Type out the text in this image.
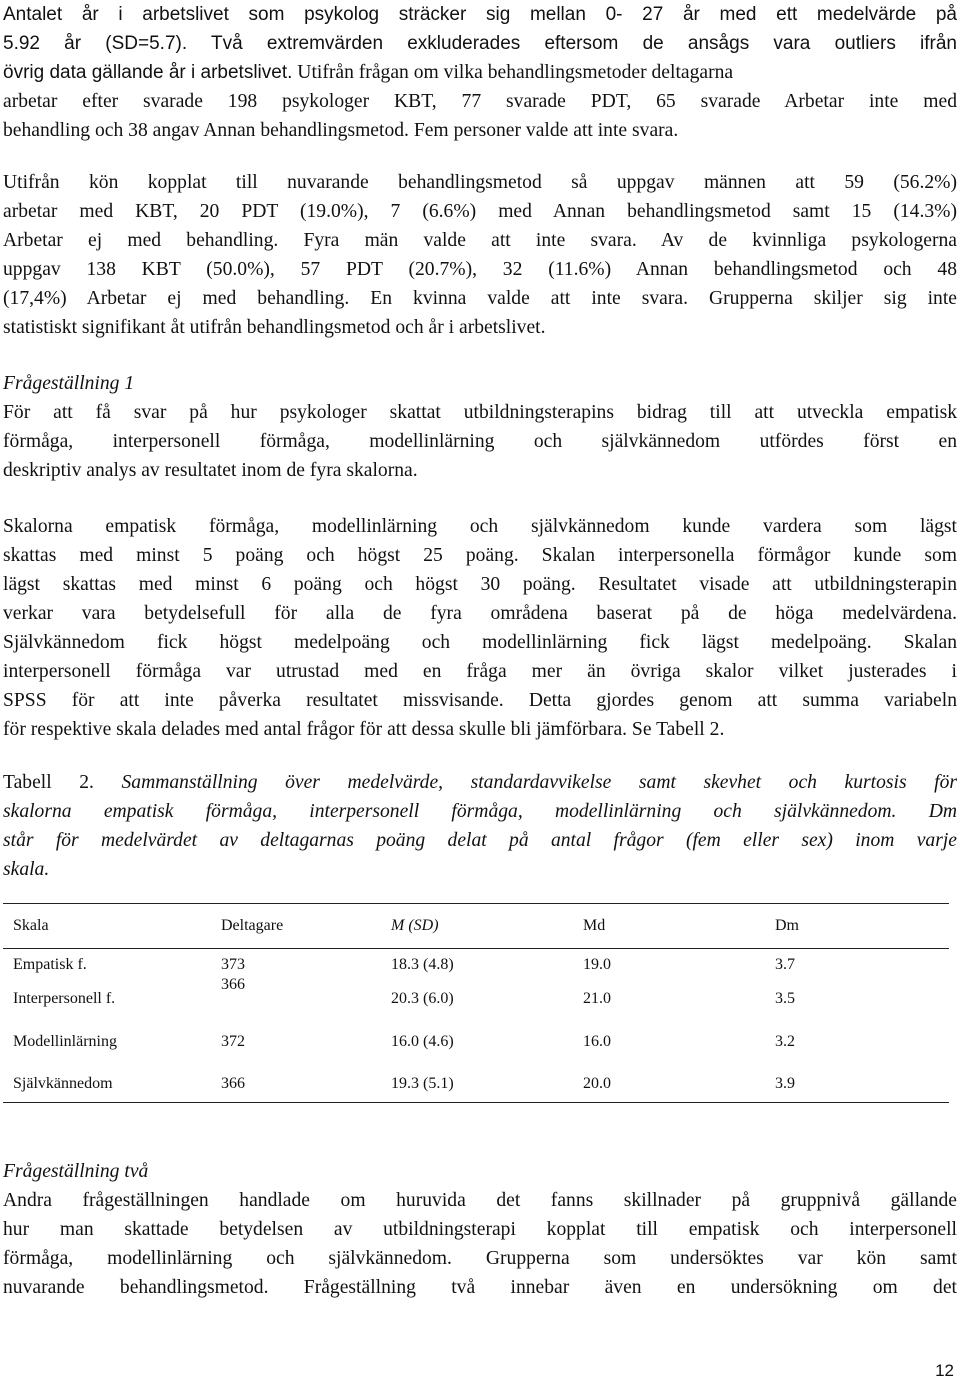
Antalet år i arbetslivet som psykolog sträcker sig mellan 0- 27 år med ett medelvärde på
5.92 år (SD=5.7). Två extremvärden exkluderades eftersom de ansågs vara outliers ifrån
övrig data gällande år i arbetslivet. Utifrån frågan om vilka behandlingsmetoder deltagarna
arbetar efter svarade 198 psykologer KBT, 77 svarade PDT, 65 svarade Arbetar inte med
behandling och 38 angav Annan behandlingsmetod. Fem personer valde att inte svara.
Utifrån kön kopplat till nuvarande behandlingsmetod så uppgav männen att 59 (56.2%)
arbetar med KBT, 20 PDT (19.0%), 7 (6.6%) med Annan behandlingsmetod samt 15 (14.3%)
Arbetar ej med behandling. Fyra män valde att inte svara. Av de kvinnliga psykologerna
uppgav 138 KBT (50.0%), 57 PDT (20.7%), 32 (11.6%) Annan behandlingsmetod och 48
(17,4%) Arbetar ej med behandling. En kvinna valde att inte svara. Grupperna skiljer sig inte
statistiskt signifikant åt utifrån behandlingsmetod och år i arbetslivet.
Frågeställning 1
För att få svar på hur psykologer skattat utbildningsterapins bidrag till att utveckla empatisk
förmåga, interpersonell förmåga, modellinlärning och självkännedom utfördes först en
deskriptiv analys av resultatet inom de fyra skalorna.
Skalorna empatisk förmåga, modellinlärning och självkännedom kunde vardera som lägst
skattas med minst 5 poäng och högst 25 poäng. Skalan interpersonella förmågor kunde som
lägst skattas med minst 6 poäng och högst 30 poäng. Resultatet visade att utbildningsterapin
verkar vara betydelsefull för alla de fyra områdena baserat på de höga medelvärdena.
Självkännedom fick högst medelpoäng och modellinlärning fick lägst medelpoäng. Skalan
interpersonell förmåga var utrustad med en fråga mer än övriga skalor vilket justerades i
SPSS för att inte påverka resultatet missvisande. Detta gjordes genom att summa variabeln
för respektive skala delades med antal frågor för att dessa skulle bli jämförbara. Se Tabell 2.
Tabell 2. Sammanställning över medelvärde, standardavvikelse samt skevhet och kurtosis för
skalorna empatisk förmåga, interpersonell förmåga, modellinlärning och självkännedom. Dm
står för medelvärdet av deltagarnas poäng delat på antal frågor (fem eller sex) inom varje
skala.
Skala	Deltagare	M (SD)	Md	Dm
Empatisk f.	373	18.3 (4.8)	19.0	3.7
Interpersonell f.	366	20.3 (6.0)	21.0	3.5
Modellinlärning	372	16.0 (4.6)	16.0	3.2
Självkännedom	366	19.3 (5.1)	20.0	3.9
Frågeställning två
Andra frågeställningen handlade om huruvida det fanns skillnader på gruppnivå gällande
hur man skattade betydelsen av utbildningsterapi kopplat till empatisk och interpersonell
förmåga, modellinlärning och självkännedom. Grupperna som undersöktes var kön samt
nuvarande behandlingsmetod. Frågeställning två innebar även en undersökning om det
12
